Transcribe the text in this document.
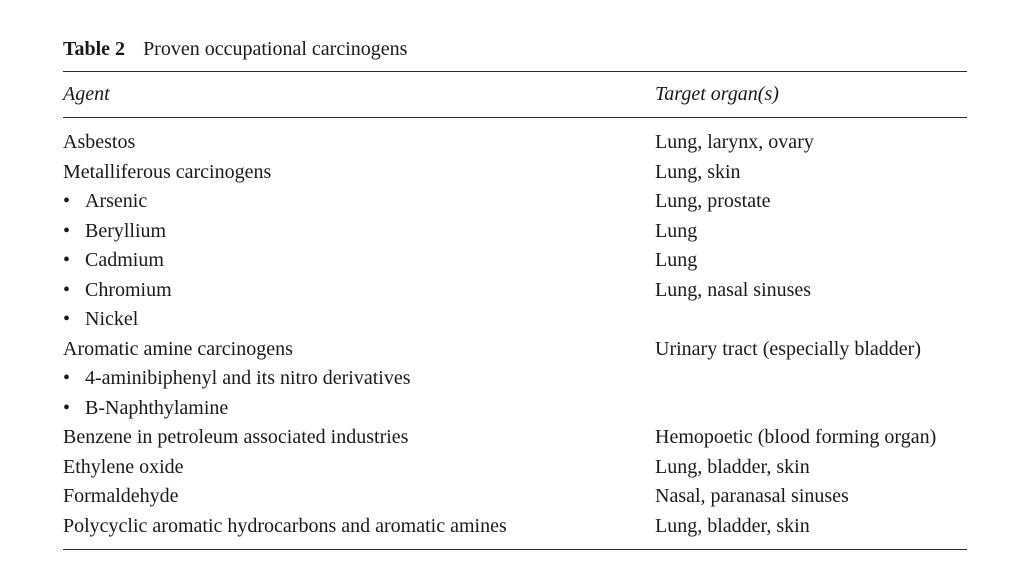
Table 2 Proven occupational carcinogens
Agent	Target organ(s)
Asbestos	Lung, larynx, ovary
Metalliferous carcinogens	Lung, skin
• Arsenic	Lung, prostate
• Beryllium	Lung
• Cadmium	Lung
• Chromium	Lung, nasal sinuses
• Nickel
Aromatic amine carcinogens	Urinary tract (especially bladder)
• 4-aminibiphenyl and its nitro derivatives
• B-Naphthylamine
Benzene in petroleum associated industries	Hemopoetic (blood forming organ)
Ethylene oxide	Lung, bladder, skin
Formaldehyde	Nasal, paranasal sinuses
Polycyclic aromatic hydrocarbons and aromatic amines	Lung, bladder, skin
